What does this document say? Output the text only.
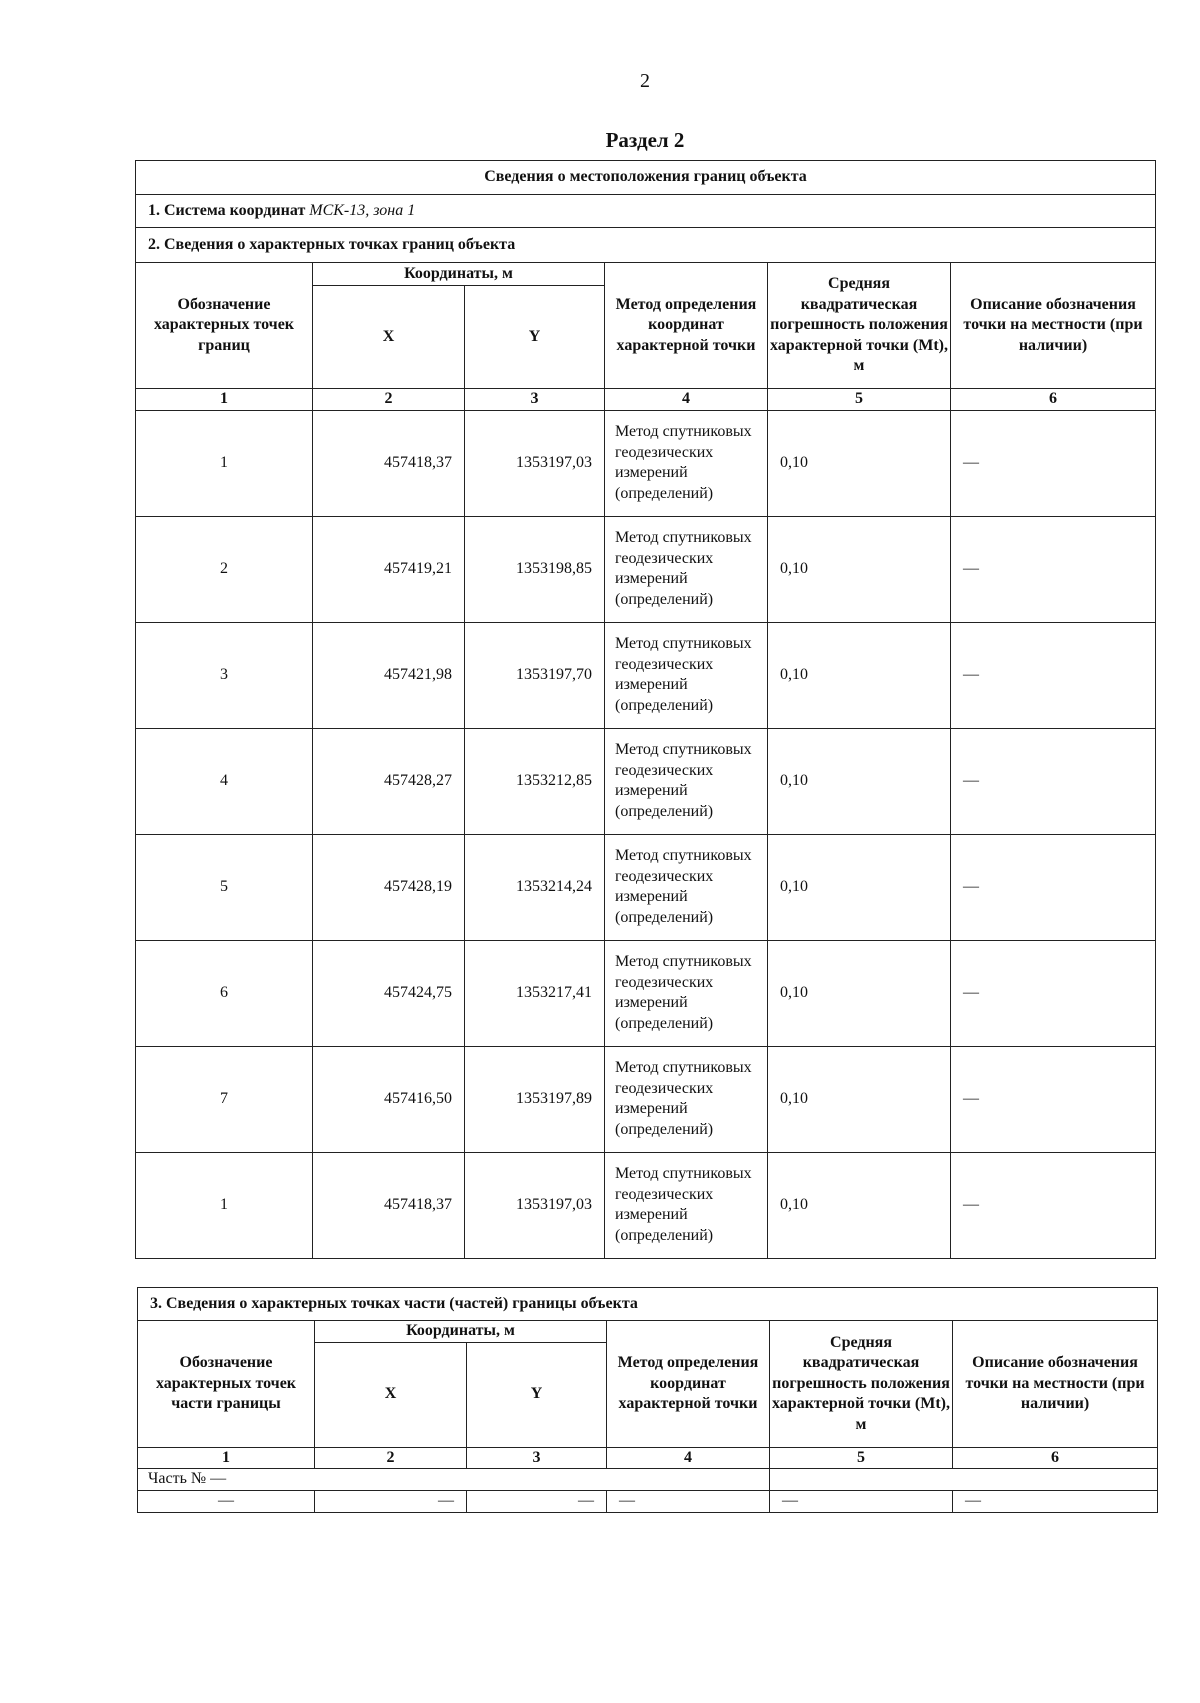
2
Раздел 2
Сведения о местоположения границ объекта					
1. Система координат МСК-13, зона 1					
2. Сведения о характерных точках границ объекта					
Обозначение характерных точек границ	Координаты, м		Метод определения координат характерной точки	Средняя квадратическая погрешность положения характерной точки (Mt), м	Описание обозначения точки на местности (при наличии)
	X	Y			
1	2	3	4	5	6
1	457418,37	1353197,03	Метод спутниковых геодезических измерений (определений)	0,10	—
2	457419,21	1353198,85	Метод спутниковых геодезических измерений (определений)	0,10	—
3	457421,98	1353197,70	Метод спутниковых геодезических измерений (определений)	0,10	—
4	457428,27	1353212,85	Метод спутниковых геодезических измерений (определений)	0,10	—
5	457428,19	1353214,24	Метод спутниковых геодезических измерений (определений)	0,10	—
6	457424,75	1353217,41	Метод спутниковых геодезических измерений (определений)	0,10	—
7	457416,50	1353197,89	Метод спутниковых геодезических измерений (определений)	0,10	—
1	457418,37	1353197,03	Метод спутниковых геодезических измерений (определений)	0,10	—
3. Сведения о характерных точках части (частей) границы объекта					
Обозначение характерных точек части границы	Координаты, м		Метод определения координат характерной точки	Средняя квадратическая погрешность положения характерной точки (Mt), м	Описание обозначения точки на местности (при наличии)
	X	Y			
1	2	3	4	5	6
Часть № —					
—	—	—	—	—	—
